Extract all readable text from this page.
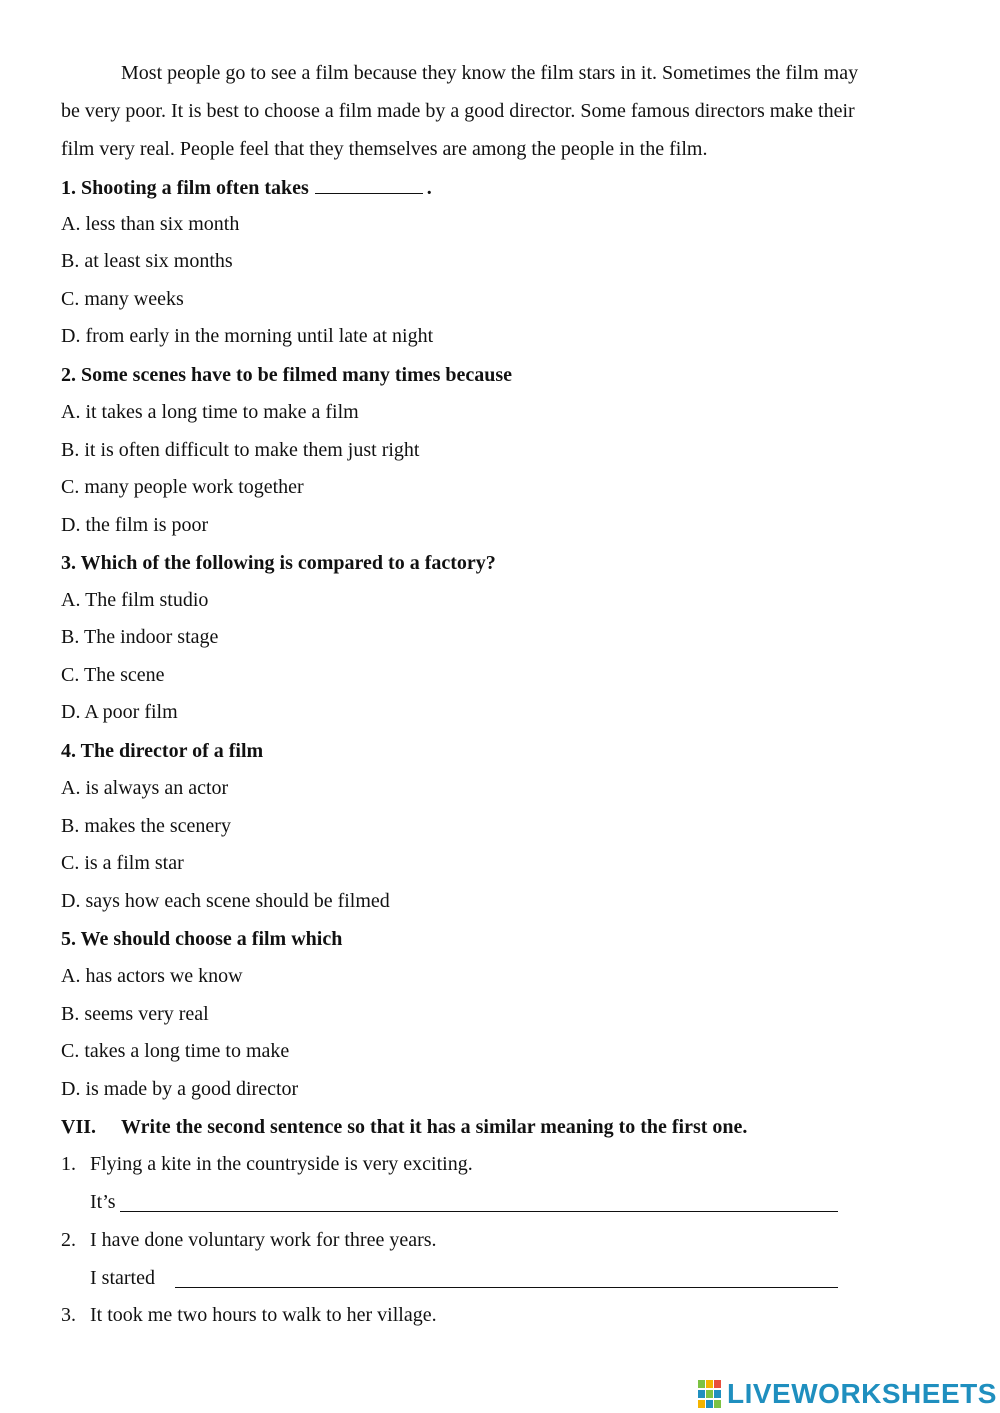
Most people go to see a film because they know the film stars in it. Sometimes the film may
be very poor. It is best to choose a film made by a good director. Some famous directors make their
film very real. People feel that they themselves are among the people in the film.
1. Shooting a film often takes	.
A. less than six month
B. at least six months
C. many weeks
D. from early in the morning until late at night
2. Some scenes have to be filmed many times because
A. it takes a long time to make a film
B. it is often difficult to make them just right
C. many people work together
D. the film is poor
3. Which of the following is compared to a factory?
A. The film studio
B. The indoor stage
C. The scene
D. A poor film
4. The director of a film
A. is always an actor
B. makes the scenery
C. is a film star
D. says how each scene should be filmed
5. We should choose a film which
A. has actors we know
B. seems very real
C. takes a long time to make
D. is made by a good director
VII. Write the second sentence so that it has a similar meaning to the first one.
1. Flying a kite in the countryside is very exciting.
It’s
2. I have done voluntary work for three years.
I started
3. It took me two hours to walk to her village.
LIVEWORKSHEETS
